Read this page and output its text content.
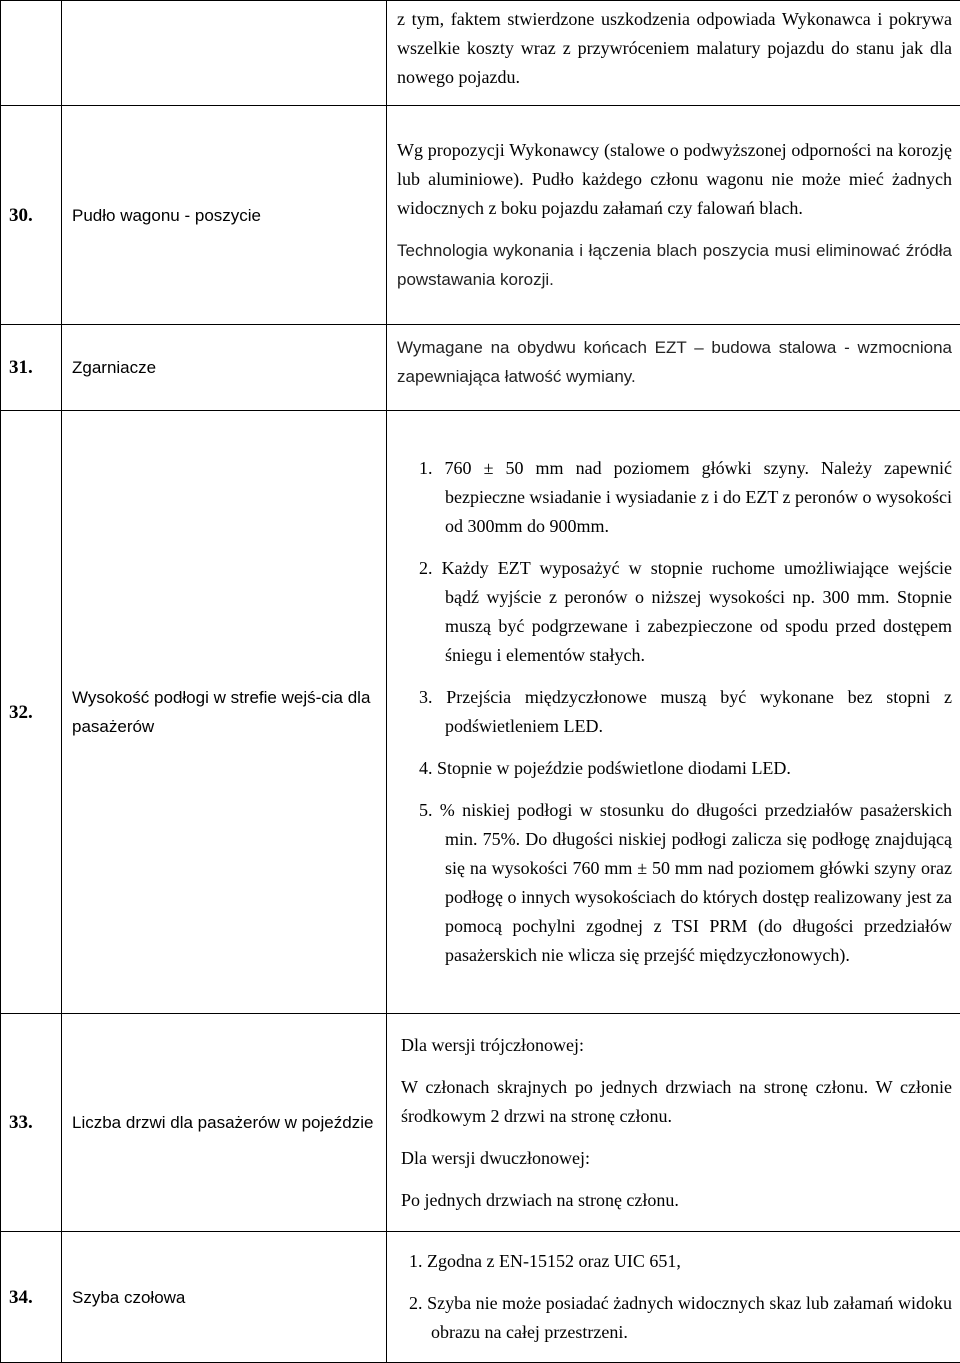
		z tym, faktem stwierdzone uszkodzenia odpowiada Wykonawca i pokrywa wszelkie koszty wraz z przywróceniem malatury pojazdu do stanu jak dla nowego pojazdu.

30.	Pudło wagonu - poszycie	Wg propozycji Wykonawcy (stalowe o podwyższonej odporności na korozję lub aluminiowe). Pudło każdego członu wagonu nie może mieć żadnych widocznych z boku pojazdu załamań czy falowań blach.

Technologia wykonania i łączenia blach poszycia musi eliminować źródła powstawania korozji.

31.	Zgarniacze	Wymagane na obydwu końcach EZT – budowa stalowa - wzmocniona zapewniająca łatwość wymiany.

32.	Wysokość podłogi w strefie wejś-cia dla pasażerów	1. 760 ± 50 mm nad poziomem główki szyny. Należy zapewnić bezpieczne wsiadanie i wysiadanie z i do EZT z peronów o wysokości od 300mm do 900mm.

2. Każdy EZT wyposażyć w stopnie ruchome umożliwiające wejście bądź wyjście z peronów o niższej wysokości np. 300 mm. Stopnie muszą być podgrzewane i zabezpieczone od spodu przed dostępem śniegu i elementów stałych.

3. Przejścia międzyczłonowe muszą być wykonane bez stopni z podświetleniem LED.

4. Stopnie w pojeździe podświetlone diodami LED.

5. % niskiej podłogi w stosunku do długości przedziałów pasażerskich min. 75%. Do długości niskiej podłogi zalicza się podłogę znajdującą się na wysokości 760 mm ± 50 mm nad poziomem główki szyny oraz podłogę o innych wysokościach do których dostęp realizowany jest za pomocą pochylni zgodnej z TSI PRM (do długości przedziałów pasażerskich nie wlicza się przejść międzyczłonowych).

33.	Liczba drzwi dla pasażerów w pojeździe	Dla wersji trójczłonowej:

W członach skrajnych po jednych drzwiach na stronę członu. W członie środkowym 2 drzwi na stronę członu.

Dla wersji dwuczłonowej:

Po jednych drzwiach na stronę członu.

34.	Szyba czołowa	1. Zgodna z EN-15152 oraz UIC 651,

2. Szyba nie może posiadać żadnych widocznych skaz lub załamań widoku obrazu na całej przestrzeni.
